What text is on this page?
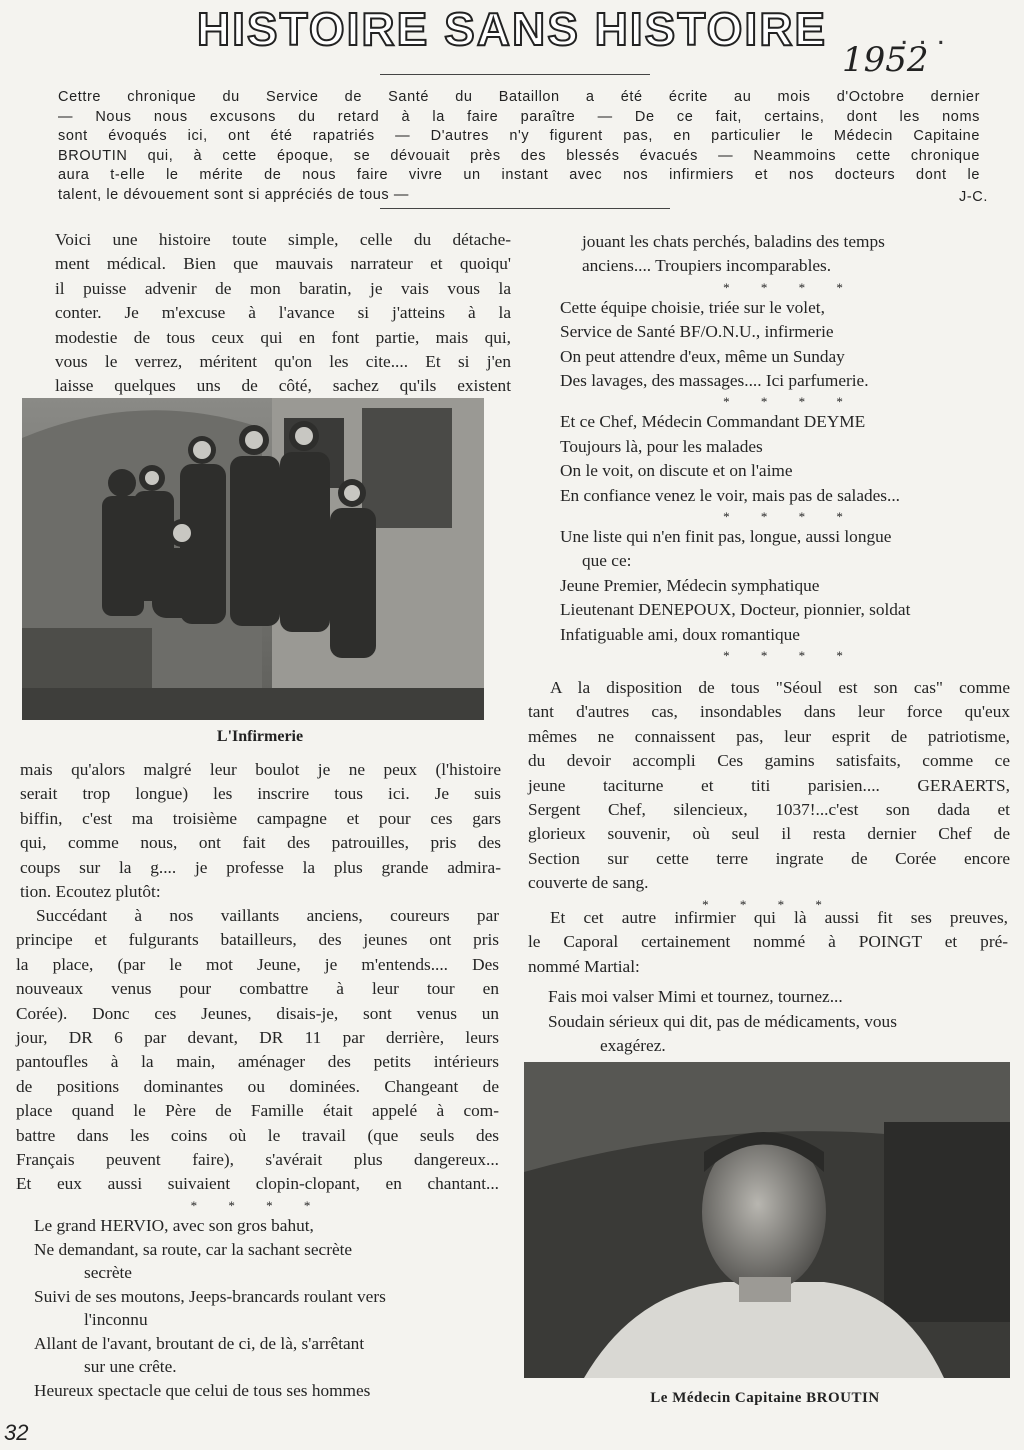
HISTOIRE SANS HISTOIRE	...
1952
Cettre chronique du Service de Santé du Bataillon a été écrite au mois d'Octobre dernier
— Nous nous excusons du retard à la faire paraître — De ce fait, certains, dont les noms
sont évoqués ici, ont été rapatriés — D'autres n'y figurent pas, en particulier le Médecin Capitaine
BROUTIN qui, à cette époque, se dévouait près des blessés évacués — Neammoins cette chronique
aura t-elle le mérite de nous faire vivre un instant avec nos infirmiers et nos docteurs dont le
talent, le dévouement sont si appréciés de tous —	J-C.

Voici une histoire toute simple, celle du détache-

ment médical. Bien que mauvais narrateur et quoiqu'

il puisse advenir de mon baratin, je vais vous la

conter. Je m'excuse à l'avance si j'atteins à la

modestie de tous ceux qui en font partie, mais qui,

vous le verrez, méritent qu'on les cite.... Et si j'en

laisse quelques uns de côté, sachez qu'ils existent

L'Infirmerie

mais qu'alors malgré leur boulot je ne peux (l'histoire

serait trop longue) les inscrire tous ici. Je suis

biffin, c'est ma troisième campagne et pour ces gars

qui, comme nous, ont fait des patrouilles, pris des

coups sur la g.... je professe la plus grande admira-

tion. Ecoutez plutôt:

Succédant à nos vaillants anciens, coureurs par

principe et fulgurants batailleurs, des jeunes ont pris

la place, (par le mot Jeune, je m'entends.... Des

nouveaux venus pour combattre à leur tour en

Corée). Donc ces Jeunes, disais-je, sont venus un

jour, DR 6 par devant, DR 11 par derrière, leurs

pantoufles à la main, aménager des petits intérieurs

de positions dominantes ou dominées. Changeant de

place quand le Père de Famille était appelé à com-

battre dans les coins où le travail (que seuls des

Français peuvent faire), s'avérait plus dangereux...

Et eux aussi suivaient clopin-clopant, en chantant...

* * * *

Le grand HERVIO, avec son gros bahut,

Ne demandant, sa route, car la sachant secrète

secrète

Suivi de ses moutons, Jeeps-brancards roulant vers

l'inconnu

Allant de l'avant, broutant de ci, de là, s'arrêtant

sur une crête.

Heureux spectacle que celui de tous ses hommes

jouant les chats perchés, baladins des temps

anciens.... Troupiers incomparables.

* * * *

Cette équipe choisie, triée sur le volet,

Service de Santé BF/O.N.U., infirmerie

On peut attendre d'eux, même un Sunday

Des lavages, des massages.... Ici parfumerie.

* * * *

Et ce Chef, Médecin Commandant DEYME

Toujours là, pour les malades

On le voit, on discute et on l'aime

En confiance venez le voir, mais pas de salades...

* * * *

Une liste qui n'en finit pas, longue, aussi longue

que ce:

Jeune Premier, Médecin symphatique

Lieutenant DENEPOUX, Docteur, pionnier, soldat

Infatiguable ami, doux romantique

* * * *

A la disposition de tous "Séoul est son cas" comme

tant d'autres cas, insondables dans leur force qu'eux

mêmes ne connaissent pas, leur esprit de patriotisme,

du devoir accompli Ces gamins satisfaits, comme ce

jeune taciturne et titi parisien.... GERAERTS,

Sergent Chef, silencieux, 1037!...c'est son dada et

glorieux souvenir, où seul il resta dernier Chef de

Section sur cette terre ingrate de Corée encore

couverte de sang.

* * * *

Et cet autre infirmier qui là aussi fit ses preuves,

le Caporal certainement nommé à POINGT et pré-

nommé Martial:

Fais moi valser Mimi et tournez, tournez...

Soudain sérieux qui dit, pas de médicaments, vous

exagérez.

Le Médecin Capitaine BROUTIN
32
